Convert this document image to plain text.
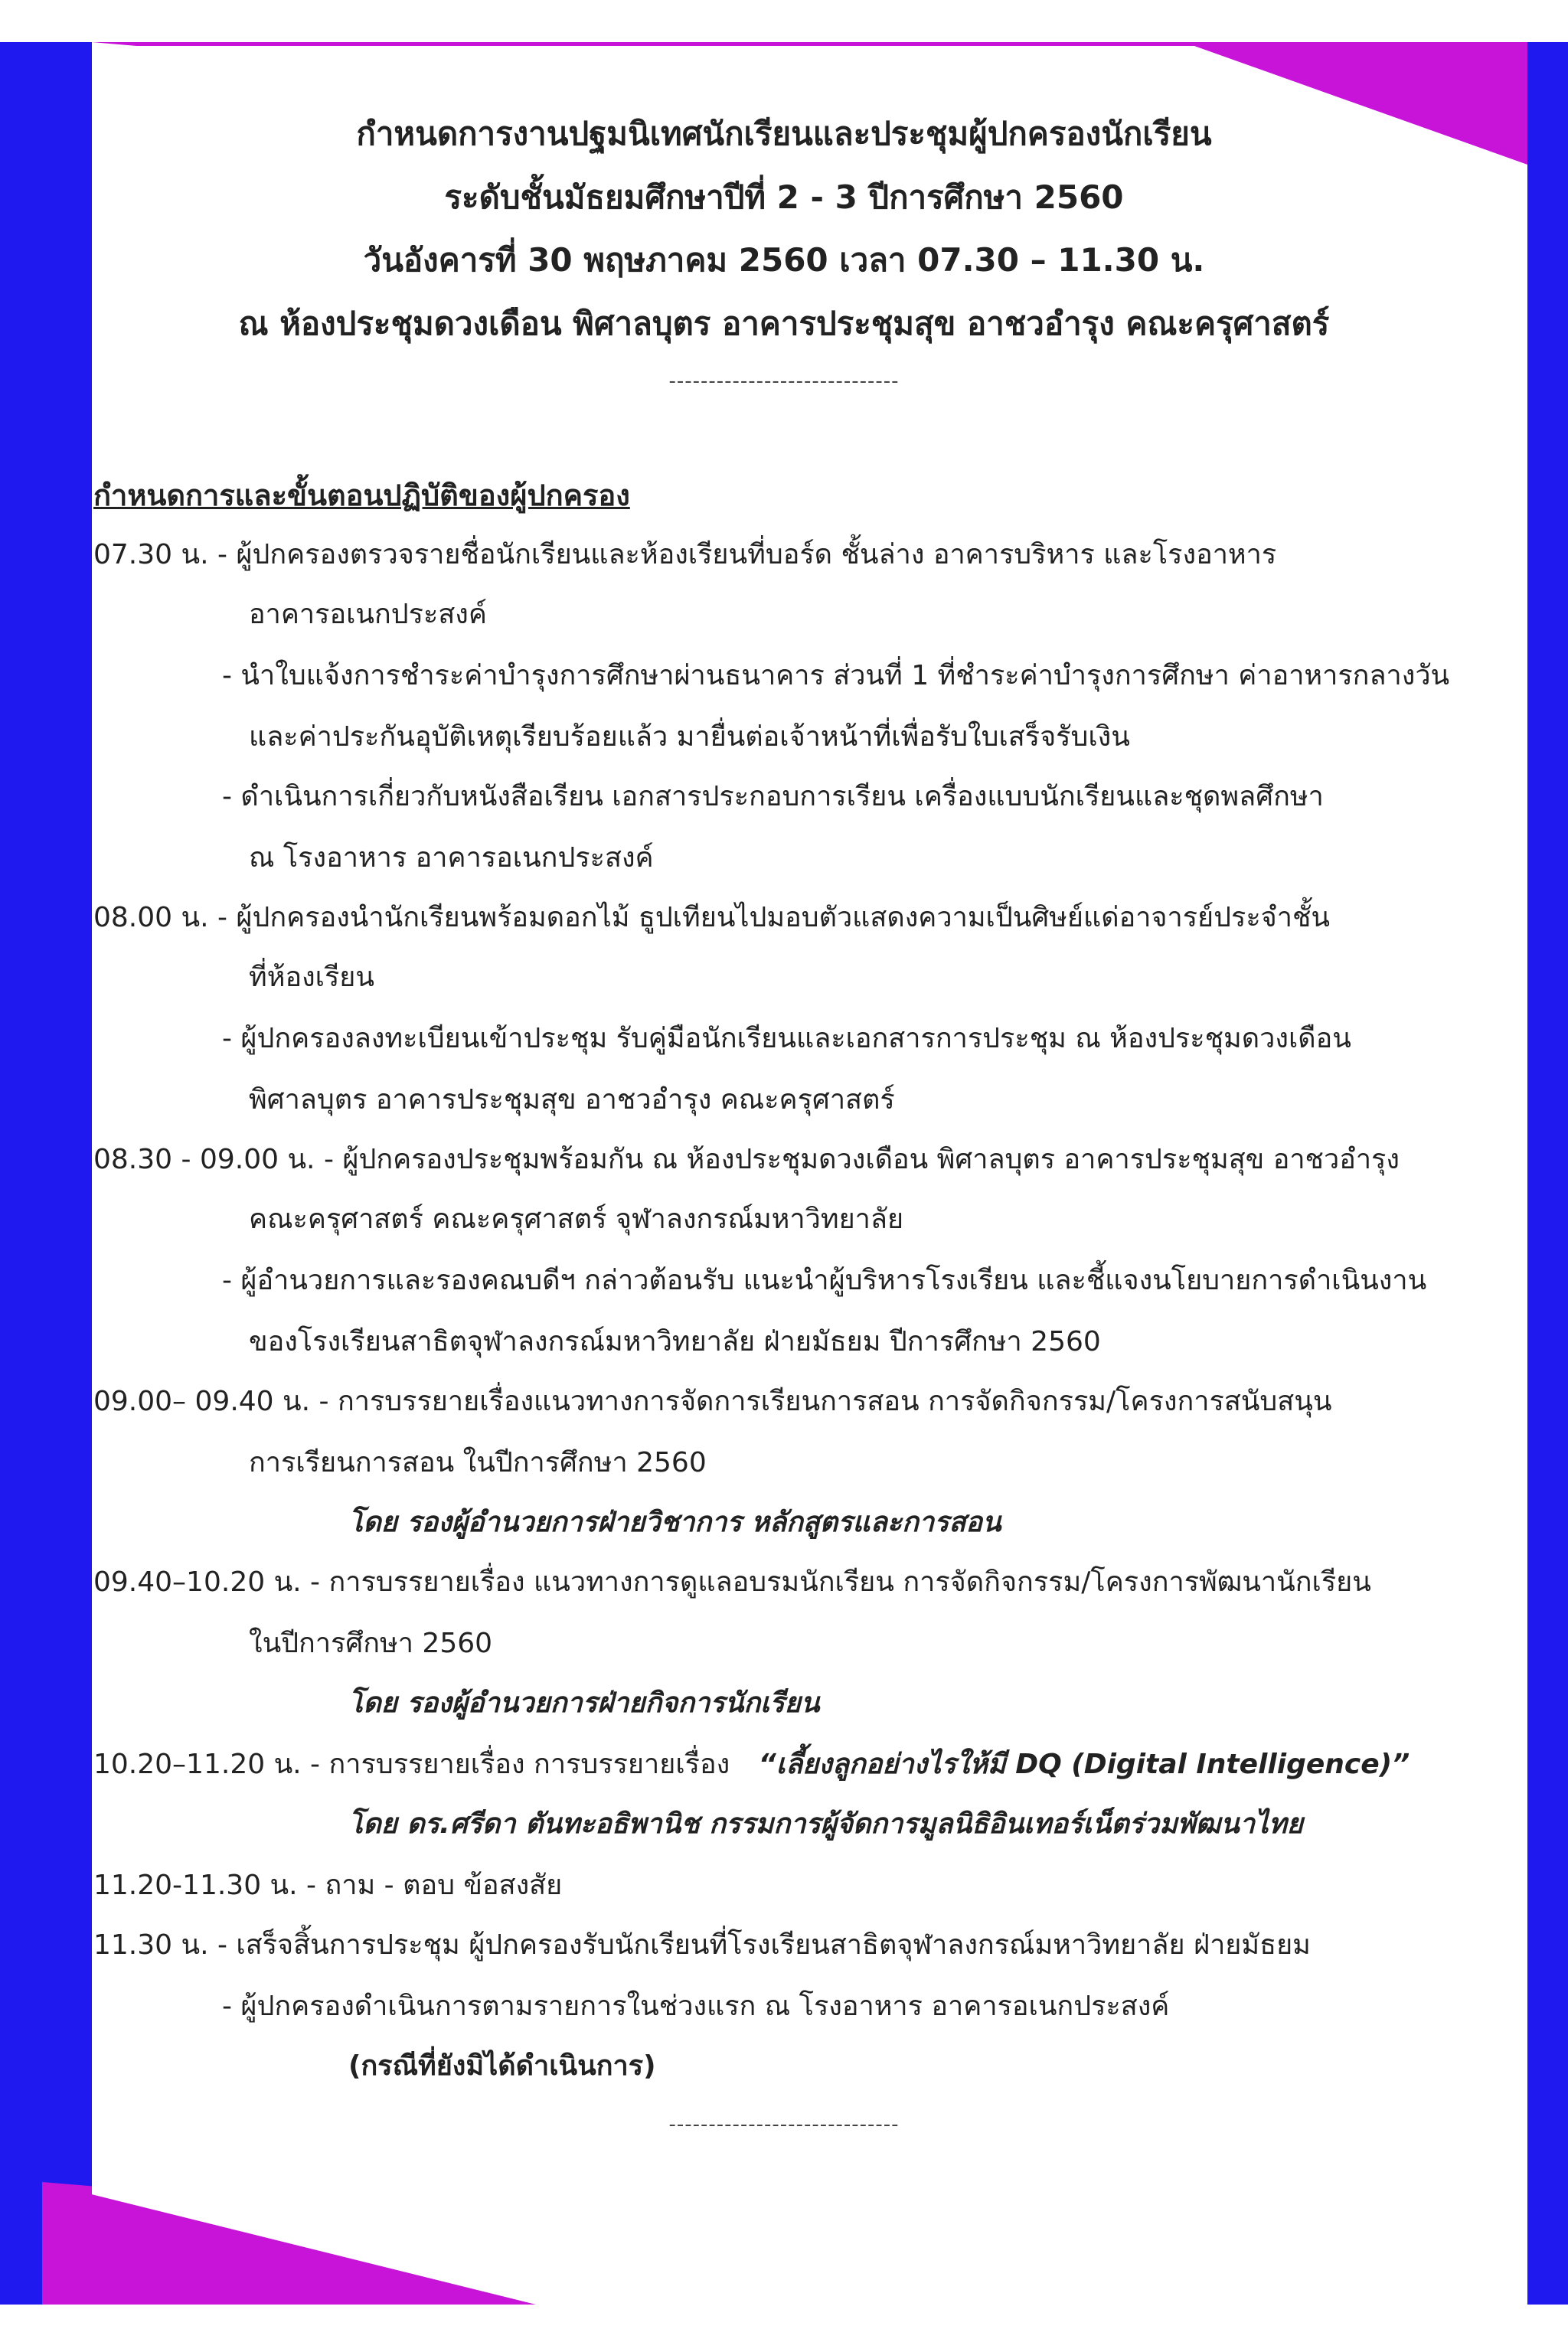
กำหนดการงานปฐมนิเทศนักเรียนและประชุมผู้ปกครองนักเรียน
ระดับชั้นมัธยมศึกษาปีที่ 2 - 3 ปีการศึกษา 2560
วันอังคารที่ 30 พฤษภาคม 2560 เวลา 07.30 – 11.30 น.
ณ ห้องประชุมดวงเดือน พิศาลบุตร อาคารประชุมสุข อาชวอำรุง คณะครุศาสตร์
-----------------------------
กำหนดการและขั้นตอนปฏิบัติของผู้ปกครอง
07.30 น. - ผู้ปกครองตรวจรายชื่อนักเรียนและห้องเรียนที่บอร์ด ชั้นล่าง อาคารบริหาร และโรงอาหาร
อาคารอเนกประสงค์
- นำใบแจ้งการชำระค่าบำรุงการศึกษาผ่านธนาคาร ส่วนที่ 1 ที่ชำระค่าบำรุงการศึกษา ค่าอาหารกลางวัน
และค่าประกันอุบัติเหตุเรียบร้อยแล้ว มายื่นต่อเจ้าหน้าที่เพื่อรับใบเสร็จรับเงิน
- ดำเนินการเกี่ยวกับหนังสือเรียน เอกสารประกอบการเรียน เครื่องแบบนักเรียนและชุดพลศึกษา
ณ โรงอาหาร อาคารอเนกประสงค์
08.00 น. - ผู้ปกครองนำนักเรียนพร้อมดอกไม้ ธูปเทียนไปมอบตัวแสดงความเป็นศิษย์แด่อาจารย์ประจำชั้น
ที่ห้องเรียน
- ผู้ปกครองลงทะเบียนเข้าประชุม รับคู่มือนักเรียนและเอกสารการประชุม ณ ห้องประชุมดวงเดือน
พิศาลบุตร อาคารประชุมสุข อาชวอำรุง คณะครุศาสตร์
08.30 - 09.00 น. - ผู้ปกครองประชุมพร้อมกัน ณ ห้องประชุมดวงเดือน พิศาลบุตร อาคารประชุมสุข อาชวอำรุง
คณะครุศาสตร์ คณะครุศาสตร์ จุฬาลงกรณ์มหาวิทยาลัย
- ผู้อำนวยการและรองคณบดีฯ กล่าวต้อนรับ แนะนำผู้บริหารโรงเรียน และชี้แจงนโยบายการดำเนินงาน
ของโรงเรียนสาธิตจุฬาลงกรณ์มหาวิทยาลัย ฝ่ายมัธยม ปีการศึกษา 2560
09.00– 09.40 น. - การบรรยายเรื่องแนวทางการจัดการเรียนการสอน การจัดกิจกรรม/โครงการสนับสนุน
การเรียนการสอน ในปีการศึกษา 2560
โดย รองผู้อำนวยการฝ่ายวิชาการ หลักสูตรและการสอน
09.40–10.20 น. - การบรรยายเรื่อง แนวทางการดูแลอบรมนักเรียน การจัดกิจกรรม/โครงการพัฒนานักเรียน
ในปีการศึกษา 2560
โดย รองผู้อำนวยการฝ่ายกิจการนักเรียน
10.20–11.20 น. - การบรรยายเรื่อง การบรรยายเรื่อง “เลี้ยงลูกอย่างไรให้มี DQ (Digital Intelligence)”
โดย ดร.ศรีดา ตันทะอธิพานิช กรรมการผู้จัดการมูลนิธิอินเทอร์เน็ตร่วมพัฒนาไทย
11.20-11.30 น. - ถาม - ตอบ ข้อสงสัย
11.30 น. - เสร็จสิ้นการประชุม ผู้ปกครองรับนักเรียนที่โรงเรียนสาธิตจุฬาลงกรณ์มหาวิทยาลัย ฝ่ายมัธยม
- ผู้ปกครองดำเนินการตามรายการในช่วงแรก ณ โรงอาหาร อาคารอเนกประสงค์
(กรณีที่ยังมิได้ดำเนินการ)
-----------------------------
